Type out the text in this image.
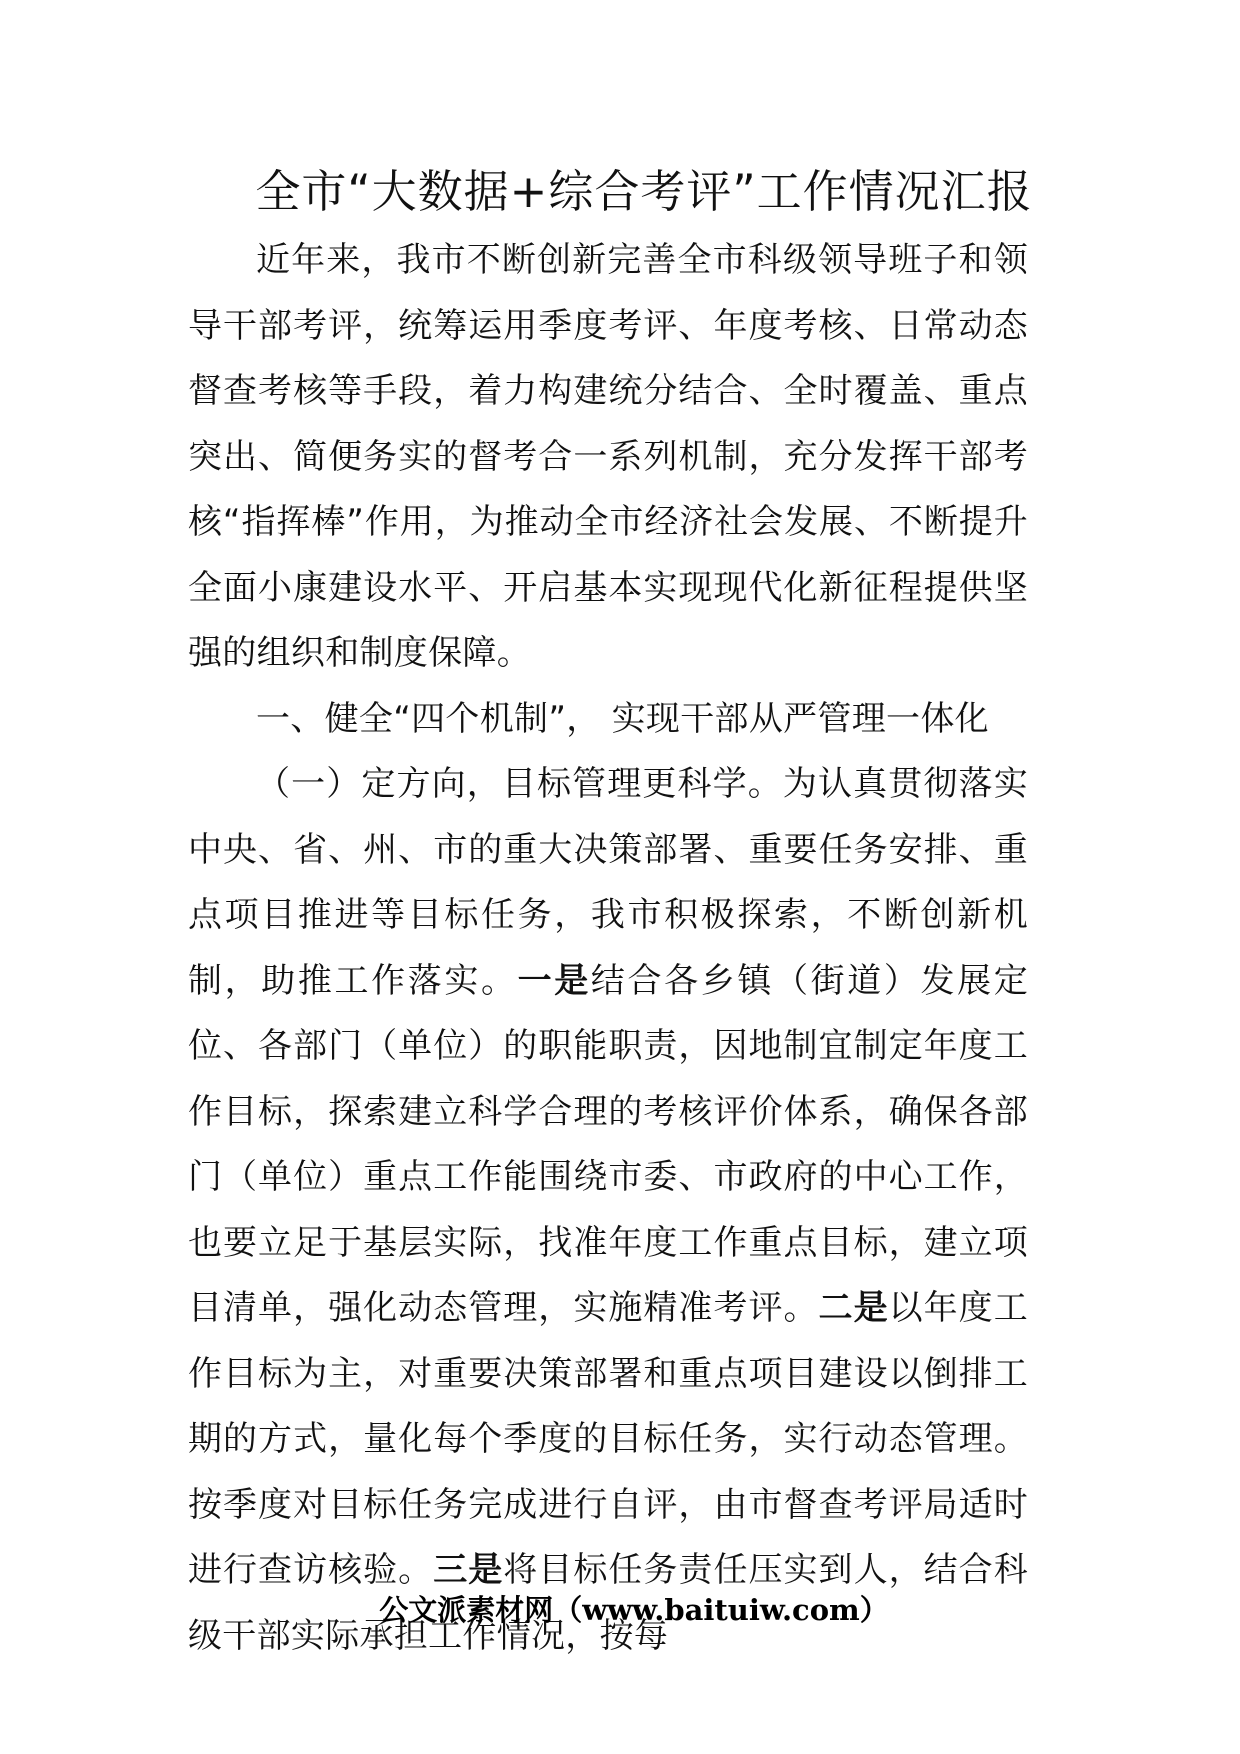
全市“大数据+综合考评”工作情况汇报

近年来，我市不断创新完善全市科级领导班子和领导干部考评，统筹运用季度考评、年度考核、日常动态督查考核等手段，着力构建统分结合、全时覆盖、重点突出、简便务实的督考合一系列机制，充分发挥干部考核“指挥棒”作用，为推动全市经济社会发展、不断提升全面小康建设水平、开启基本实现现代化新征程提供坚强的组织和制度保障。

一、健全“四个机制”， 实现干部从严管理一体化

（一）定方向，目标管理更科学。为认真贯彻落实中央、省、州、市的重大决策部署、重要任务安排、重点项目推进等目标任务，我市积极探索，不断创新机制，助推工作落实。一是结合各乡镇（街道）发展定位、各部门（单位）的职能职责，因地制宜制定年度工作目标，探索建立科学合理的考核评价体系，确保各部门（单位）重点工作能围绕市委、市政府的中心工作，也要立足于基层实际，找准年度工作重点目标，建立项目清单，强化动态管理，实施精准考评。二是以年度工作目标为主，对重要决策部署和重点项目建设以倒排工期的方式，量化每个季度的目标任务，实行动态管理。按季度对目标任务完成进行自评，由市督查考评局适时进行查访核验。三是将目标任务责任压实到人，结合科级干部实际承担工作情况，按每

公文派素材网（www.baituiw.com）
